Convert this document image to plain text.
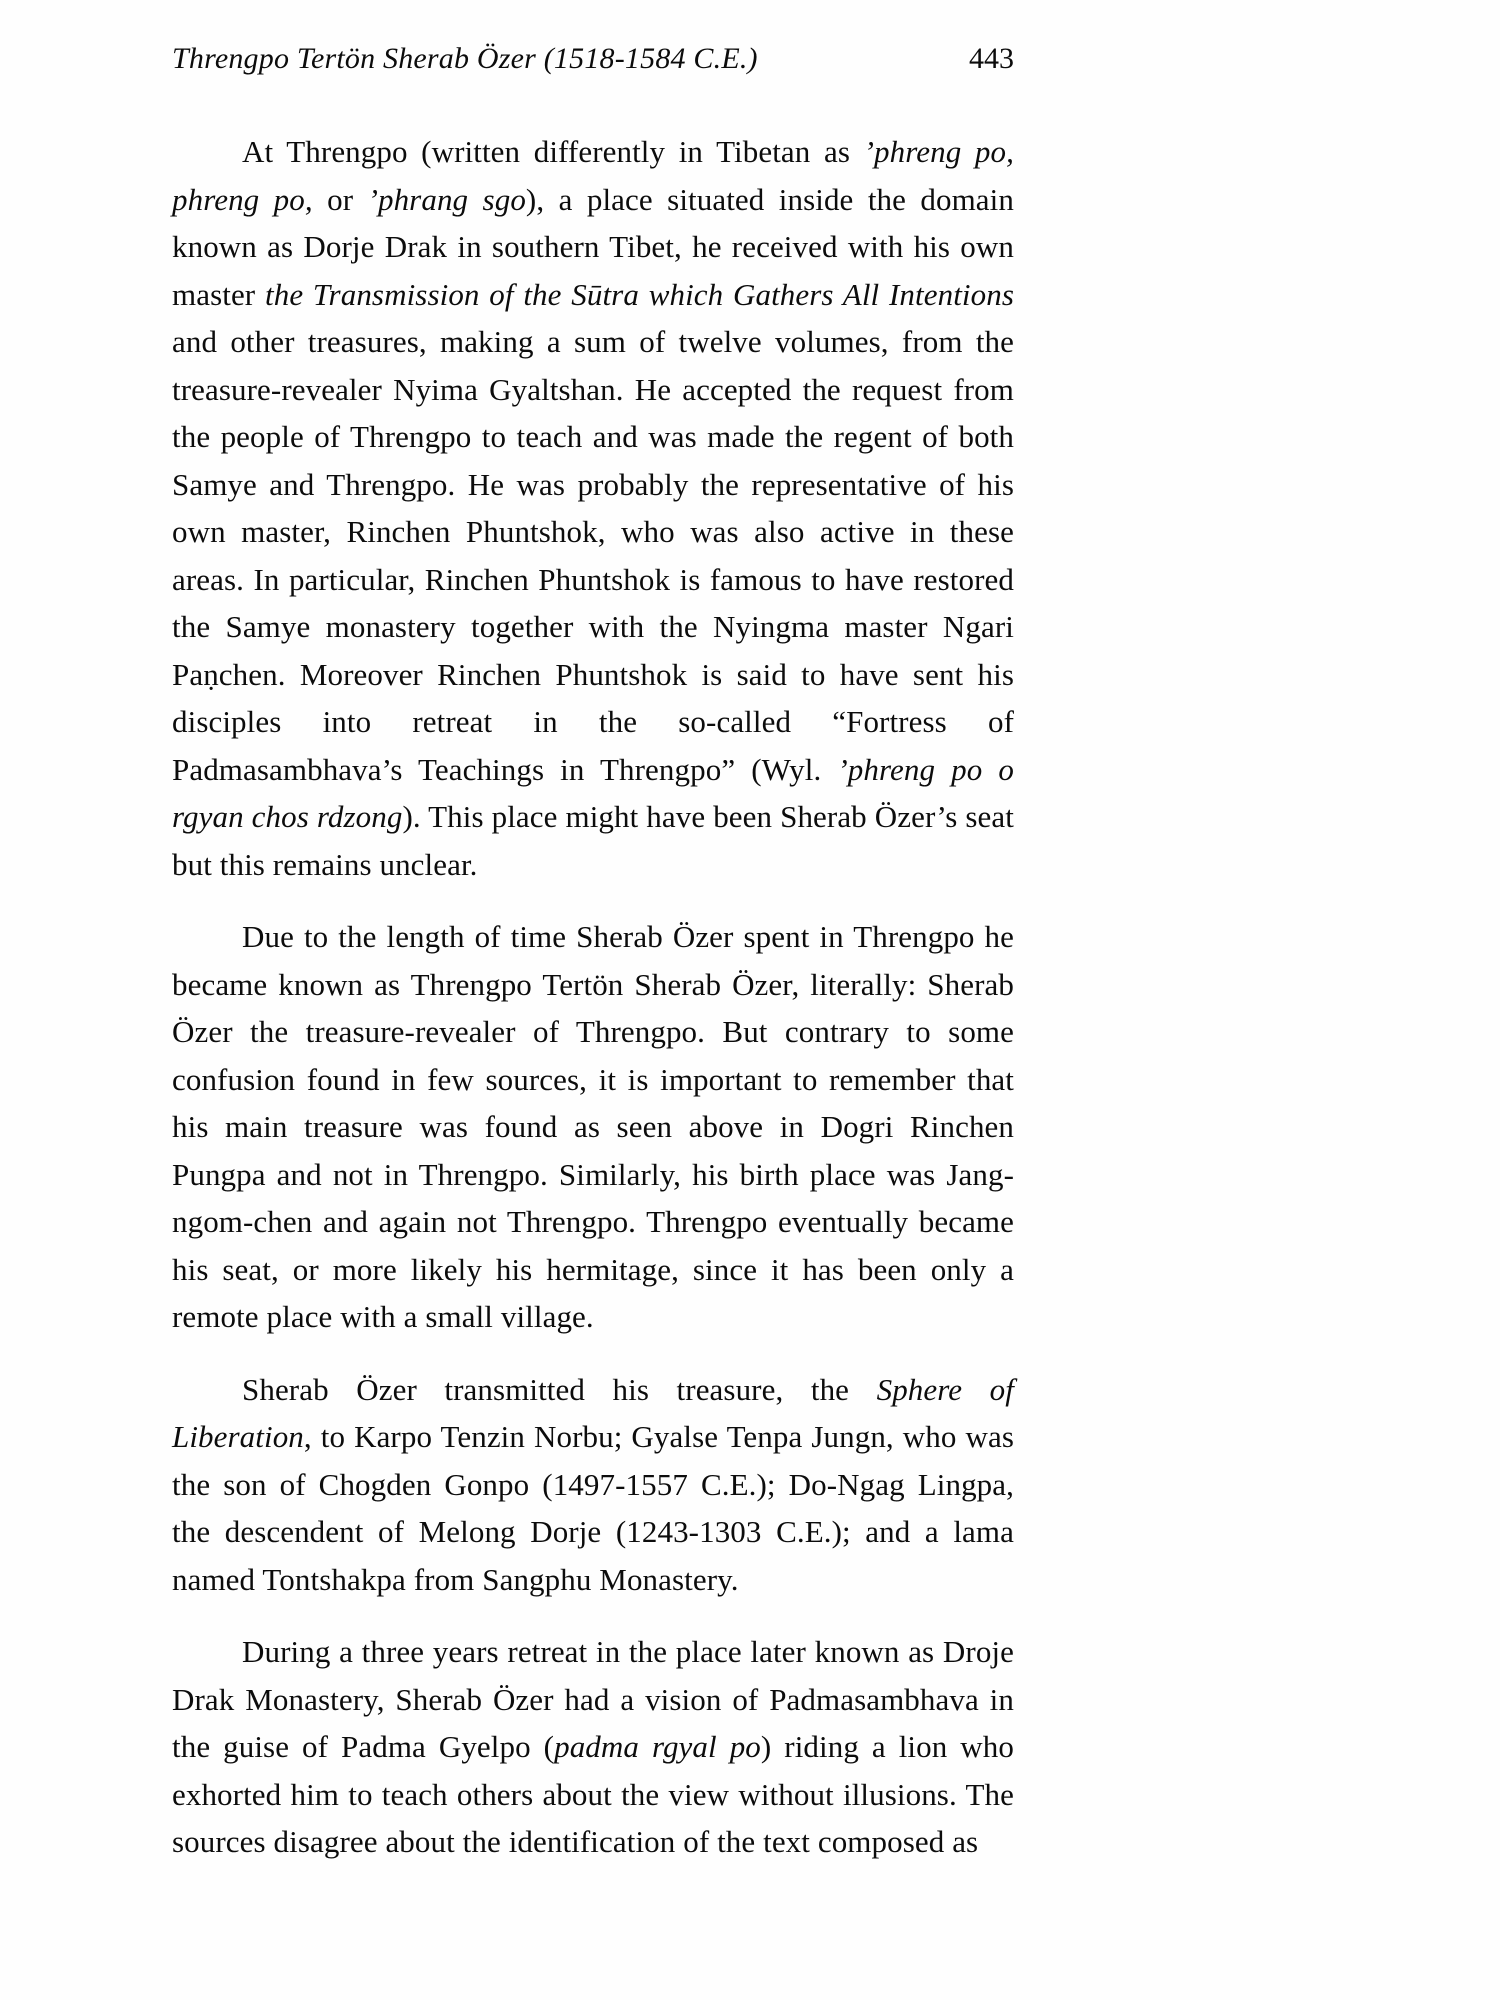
Threngpo Tertön Sherab Özer (1518-1584 C.E.)	443

At Threngpo (written differently in Tibetan as ’phreng po, phreng po, or ’phrang sgo), a place situated inside the domain known as Dorje Drak in southern Tibet, he received with his own master the Transmission of the Sūtra which Gathers All Intentions and other treasures, making a sum of twelve volumes, from the treasure-revealer Nyima Gyaltshan. He accepted the request from the people of Threngpo to teach and was made the regent of both Samye and Threngpo. He was probably the representative of his own master, Rinchen Phuntshok, who was also active in these areas. In particular, Rinchen Phuntshok is famous to have restored the Samye monastery together with the Nyingma master Ngari Paṇchen. Moreover Rinchen Phuntshok is said to have sent his disciples into retreat in the so-called “Fortress of Padmasambhava’s Teachings in Threngpo” (Wyl. ’phreng po o rgyan chos rdzong). This place might have been Sherab Özer’s seat but this remains unclear.

Due to the length of time Sherab Özer spent in Threngpo he became known as Threngpo Tertön Sherab Özer, literally: Sherab Özer the treasure-revealer of Threngpo. But contrary to some confusion found in few sources, it is important to remember that his main treasure was found as seen above in Dogri Rinchen Pungpa and not in Threngpo. Similarly, his birth place was Jang-ngom-chen and again not Threngpo. Threngpo eventually became his seat, or more likely his hermitage, since it has been only a remote place with a small village.

Sherab Özer transmitted his treasure, the Sphere of Liberation, to Karpo Tenzin Norbu; Gyalse Tenpa Jungn, who was the son of Chogden Gonpo (1497-1557 C.E.); Do-Ngag Lingpa, the descendent of Melong Dorje (1243-1303 C.E.); and a lama named Tontshakpa from Sangphu Monastery.

During a three years retreat in the place later known as Droje Drak Monastery, Sherab Özer had a vision of Padmasambhava in the guise of Padma Gyelpo (padma rgyal po) riding a lion who exhorted him to teach others about the view without illusions. The sources disagree about the identification of the text composed as
